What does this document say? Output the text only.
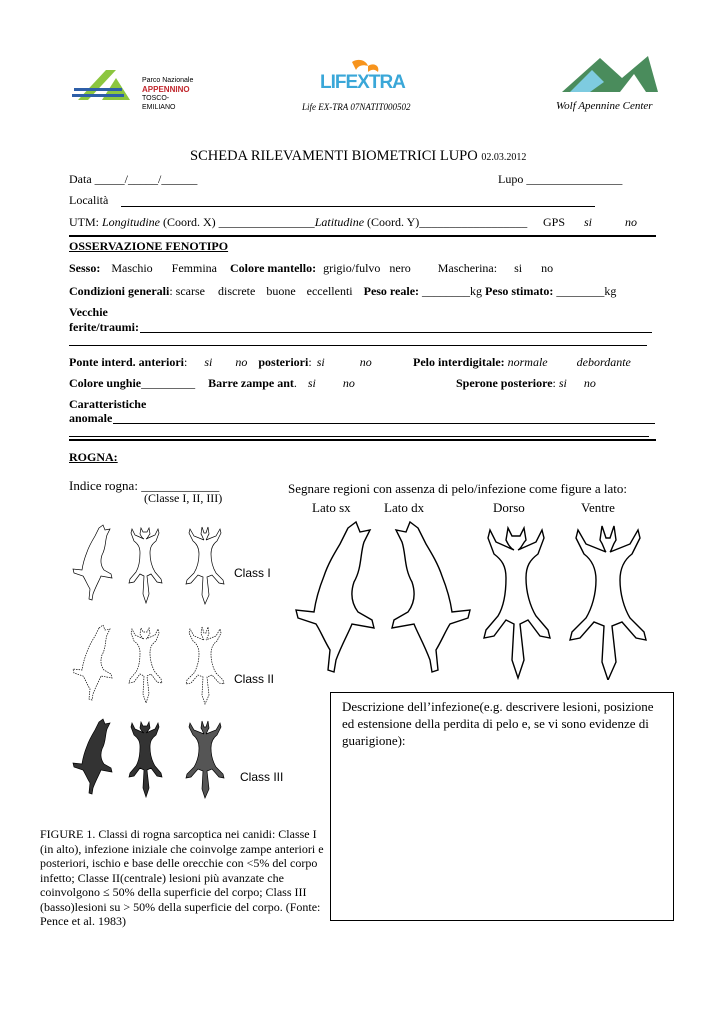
Parco Nazionale
APPENNINO
TOSCO-EMILIANO
LIFEXTRA
Life EX-TRA 07NATIT000502	Wolf Apennine Center
SCHEDA RILEVAMENTI BIOMETRICI LUPO 02.03.2012
Data _____/_____/______	Lupo ________________
Località
UTM: Longitudine (Coord. X) ________________Latitudine (Coord. Y)__________________ GPS si	no
OSSERVAZIONE FENOTIPO
Sesso: Maschio Femmina Colore mantello: grigio/fulvo nero Mascherina: si no
Condizioni generali: scarse discrete buone eccellenti Peso reale: ________kg Peso stimato: ________kg
Vecchie
ferite/traumi:
Ponte interd. anteriori: si no posteriori: si	no	Pelo interdigitale: normale debordante
Colore unghie_________ Barre zampe ant. si no	Sperone posteriore: si no
Caratteristiche
anomale
ROGNA:
Indice rogna: ____________
(Classe I, II, III)
Segnare regioni con assenza di pelo/infezione come figure a lato:
Lato sx	Lato dx	Dorso	Ventre
Class I
Class II
Class III
FIGURE 1. Classi di rogna sarcoptica nei canidi: Classe I (in alto), infezione iniziale che coinvolge zampe anteriori e posteriori, ischio e base delle orecchie con <5% del corpo infetto; Classe II(centrale) lesioni più avanzate che coinvolgono ≤ 50% della superficie del corpo; Class III (basso)lesioni su > 50% della superficie del corpo. (Fonte: Pence et al. 1983)
Descrizione dell’infezione(e.g. descrivere lesioni, posizione ed estensione della perdita di pelo e, se vi sono evidenze di guarigione):
